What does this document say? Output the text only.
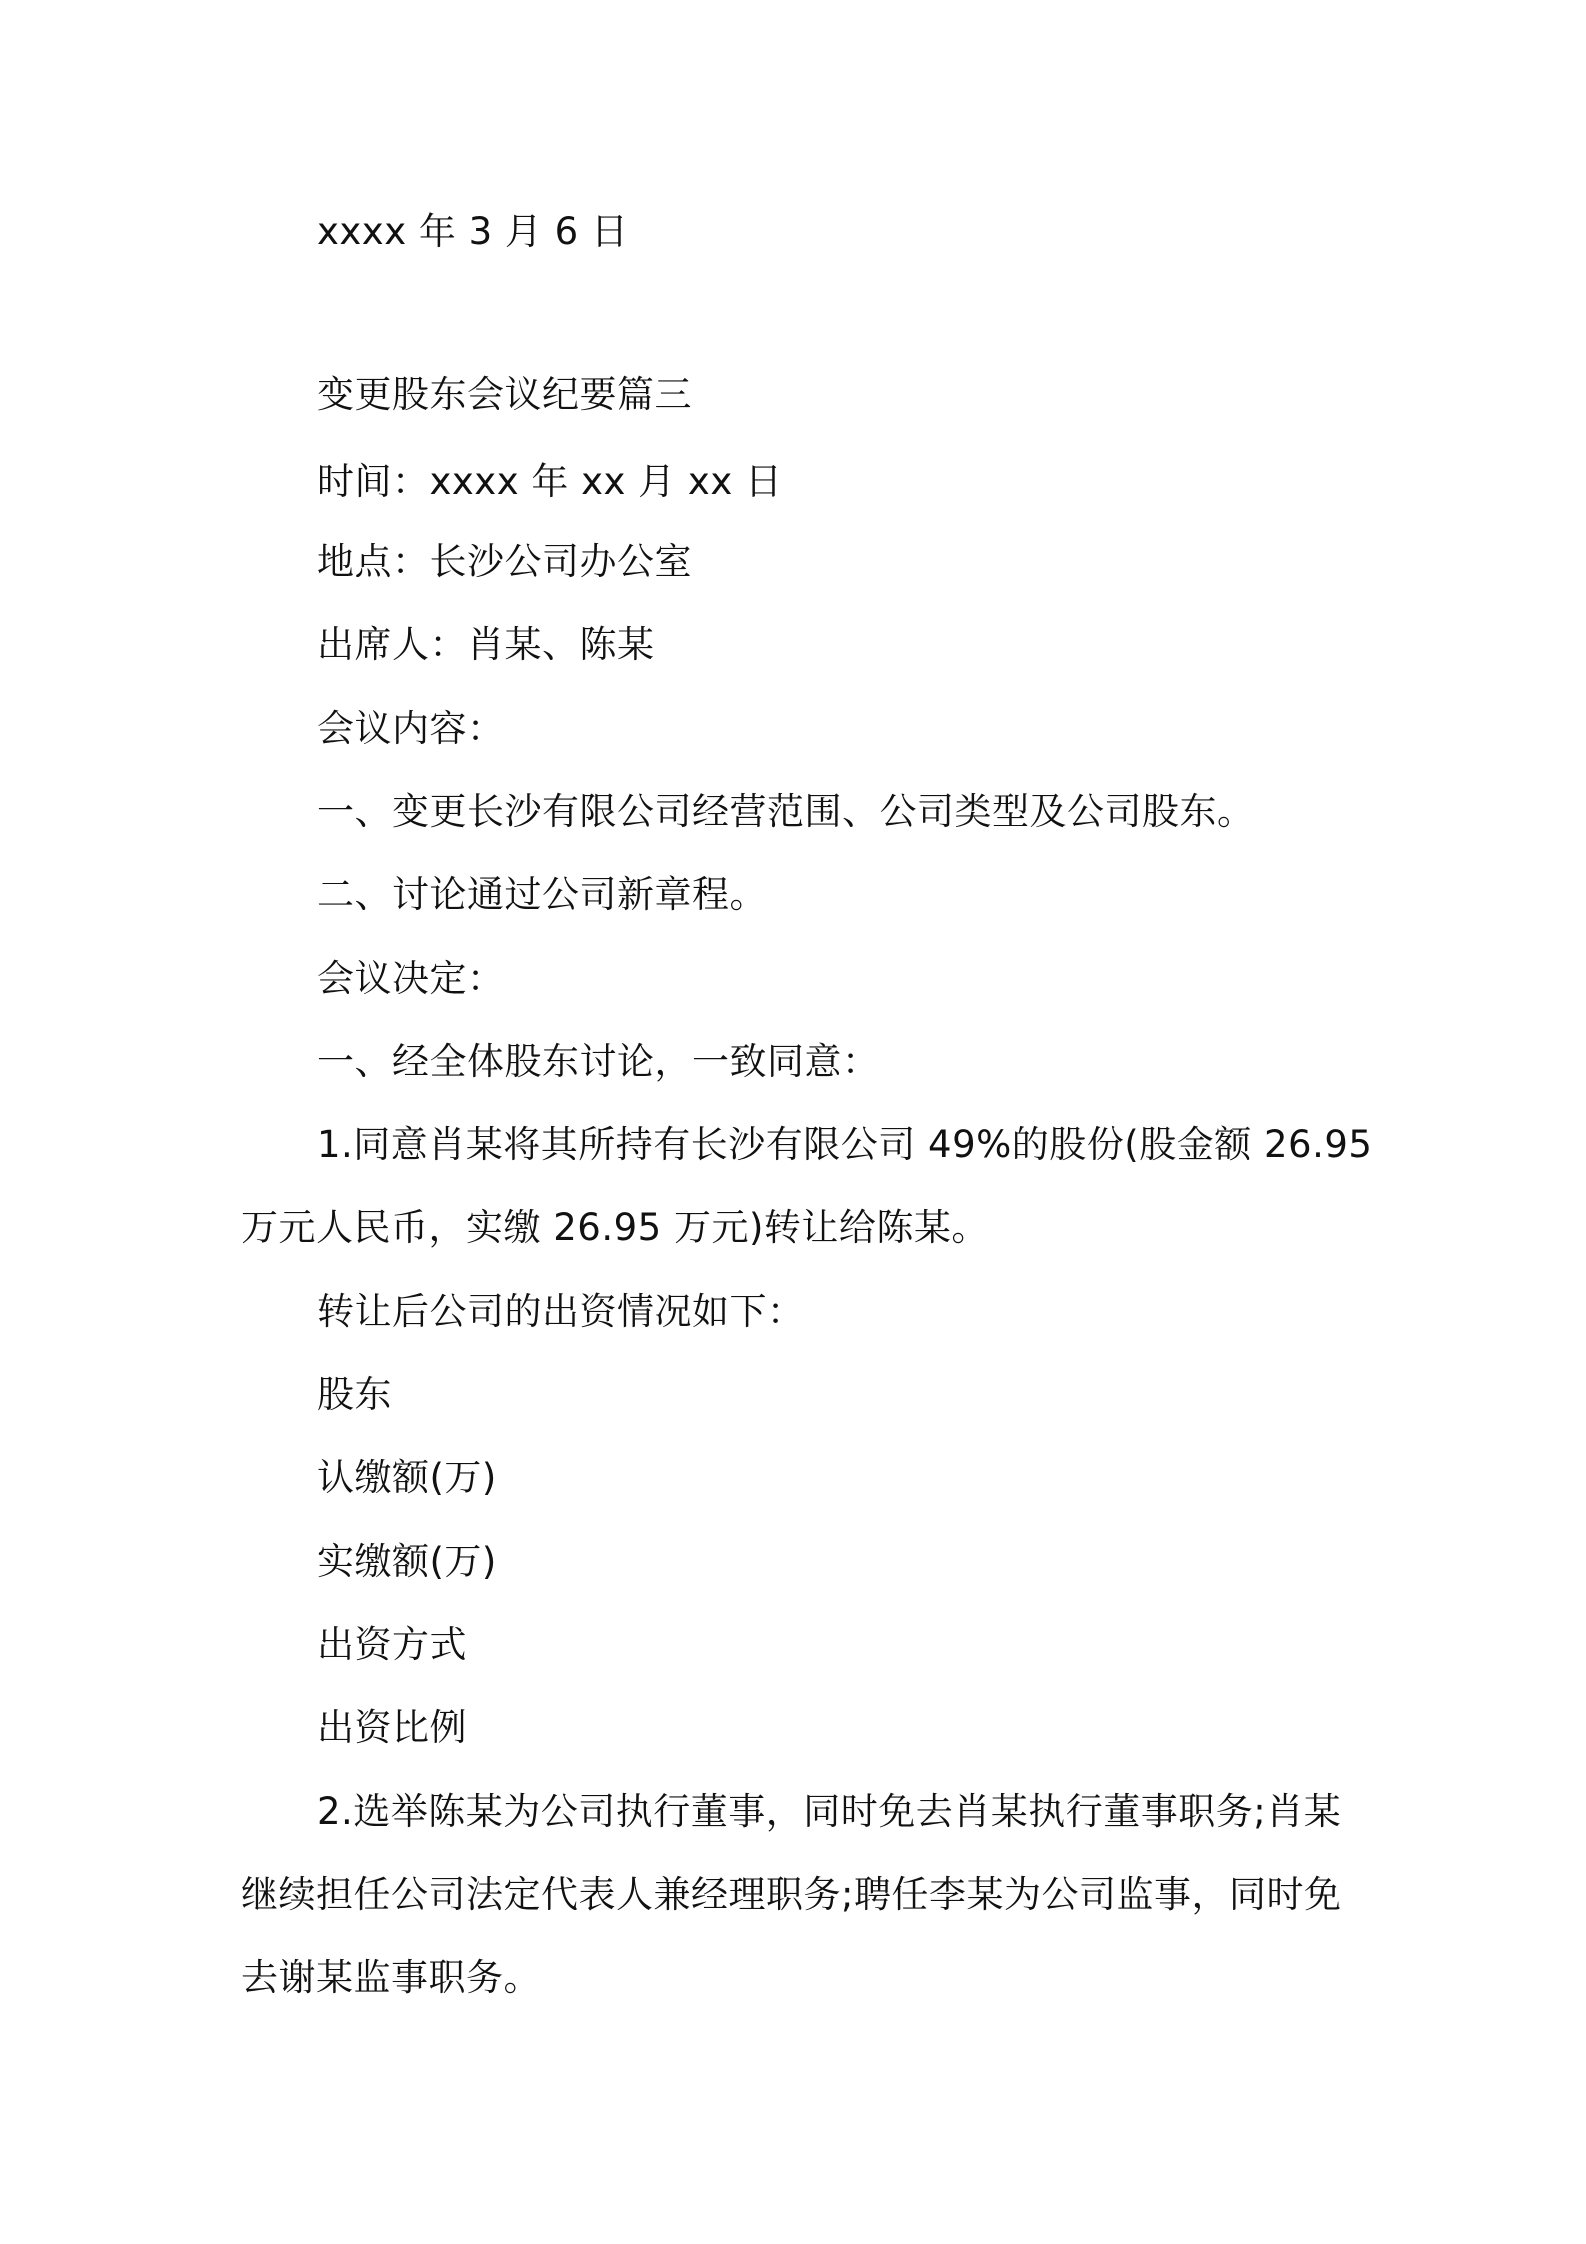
xxxx 年 3 月 6 日
变更股东会议纪要篇三
时间：xxxx 年 xx 月 xx 日
地点：长沙公司办公室
出席人：肖某、陈某
会议内容：
一、变更长沙有限公司经营范围、公司类型及公司股东。
二、讨论通过公司新章程。
会议决定：
一、经全体股东讨论，一致同意：
1.同意肖某将其所持有长沙有限公司 49%的股份(股金额 26.95
万元人民币，实缴 26.95 万元)转让给陈某。
转让后公司的出资情况如下：
股东
认缴额(万)
实缴额(万)
出资方式
出资比例
2.选举陈某为公司执行董事，同时免去肖某执行董事职务;肖某
继续担任公司法定代表人兼经理职务;聘任李某为公司监事，同时免
去谢某监事职务。
